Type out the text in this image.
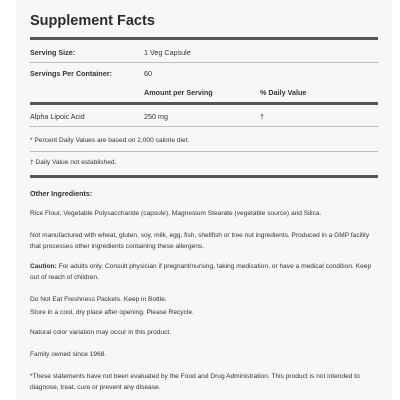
Supplement Facts
Serving Size:	1 Veg Capsule
Servings Per Container:	60
Amount per Serving	% Daily Value
Alpha Lipoic Acid	250 mg	†

* Percent Daily Values are based on 2,000 calorie diet.

† Daily Value not established.

Other Ingredients:

Rice Flour, Vegetable Polysaccharide (capsule), Magnesium Stearate (vegetable source) and Silica.

Not manufactured with wheat, gluten, soy, milk, egg, fish, shellfish or tree nut ingredients. Produced in a GMP facility that processes other ingredients containing these allergens.

Caution: For adults only. Consult physician if pregnant/nursing, taking medication, or have a medical condition. Keep out of reach of children.

Do Not Eat Freshness Packets. Keep in Bottle.

Store in a cool, dry place after opening. Please Recycle.

Natural color variation may occur in this product.

Family owned since 1968.

*These statements have not been evaluated by the Food and Drug Administration. This product is not intended to diagnose, treat, cure or prevent any disease.
